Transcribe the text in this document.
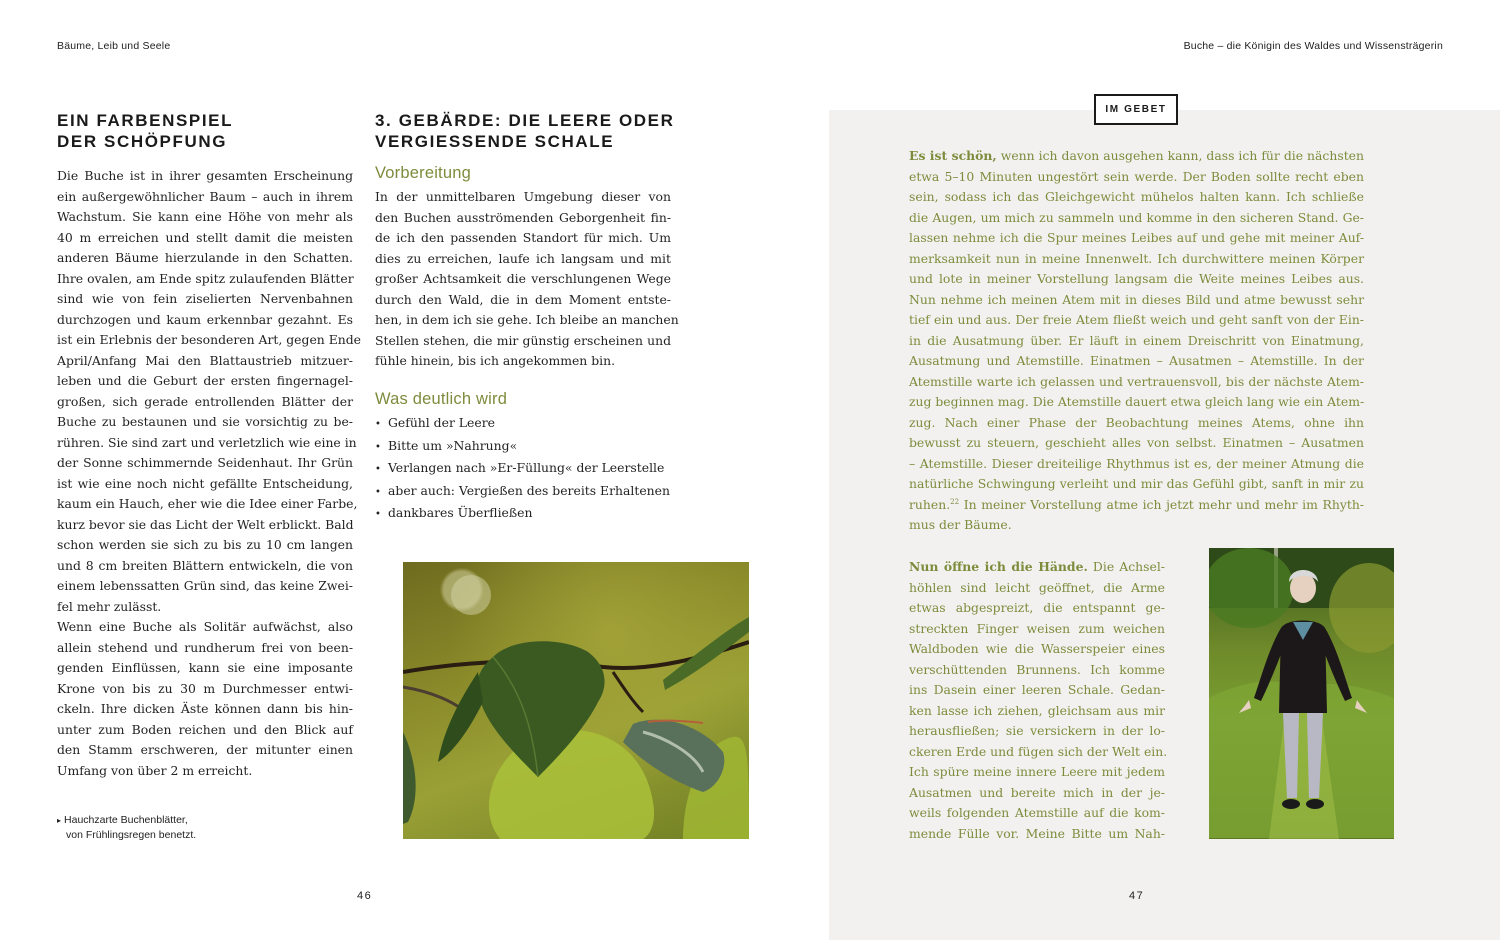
Bäume, Leib und Seele	Buche – die Königin des Waldes und Wissensträgerin
EIN FARBENSPIEL
DER SCHÖPFUNG
Die Buche ist in ihrer gesamten Erscheinung
ein außergewöhnlicher Baum – auch in ihrem
Wachstum. Sie kann eine Höhe von mehr als
40 m erreichen und stellt damit die meisten
anderen Bäume hierzulande in den Schatten.
Ihre ovalen, am Ende spitz zulaufenden Blätter
sind wie von fein ziselierten Nervenbahnen
durchzogen und kaum erkennbar gezahnt. Es
ist ein Erlebnis der besonderen Art, gegen Ende
April/Anfang Mai den Blattaustrieb mitzuer-
leben und die Geburt der ersten fingernagel-
großen, sich gerade entrollenden Blätter der
Buche zu bestaunen und sie vorsichtig zu be-
rühren. Sie sind zart und verletzlich wie eine in
der Sonne schimmernde Seidenhaut. Ihr Grün
ist wie eine noch nicht gefällte Entscheidung,
kaum ein Hauch, eher wie die Idee einer Farbe,
kurz bevor sie das Licht der Welt erblickt. Bald
schon werden sie sich zu bis zu 10 cm langen
und 8 cm breiten Blättern entwickeln, die von
einem lebenssatten Grün sind, das keine Zwei-
fel mehr zulässt.
Wenn eine Buche als Solitär aufwächst, also
allein stehend und rundherum frei von been-
genden Einflüssen, kann sie eine imposante
Krone von bis zu 30 m Durchmesser entwi-
ckeln. Ihre dicken Äste können dann bis hin-
unter zum Boden reichen und den Blick auf
den Stamm erschweren, der mitunter einen
Umfang von über 2 m erreicht.
▸ Hauchzarte Buchenblätter,
von Frühlingsregen benetzt.
3. GEBÄRDE: DIE LEERE ODER
VERGIESSENDE SCHALE
Vorbereitung
In der unmittelbaren Umgebung dieser von
den Buchen ausströmenden Geborgenheit fin-
de ich den passenden Standort für mich. Um
dies zu erreichen, laufe ich langsam und mit
großer Achtsamkeit die verschlungenen Wege
durch den Wald, die in dem Moment entste-
hen, in dem ich sie gehe. Ich bleibe an manchen
Stellen stehen, die mir günstig erscheinen und
fühle hinein, bis ich angekommen bin.
Was deutlich wird
• Gefühl der Leere
• Bitte um »Nahrung«
• Verlangen nach »Er-Füllung« der Leerstelle
• aber auch: Vergießen des bereits Erhaltenen
• dankbares Überfließen
IM GEBET
Es ist schön, wenn ich davon ausgehen kann, dass ich für die nächsten
etwa 5–10 Minuten ungestört sein werde. Der Boden sollte recht eben
sein, sodass ich das Gleichgewicht mühelos halten kann. Ich schließe
die Augen, um mich zu sammeln und komme in den sicheren Stand. Ge-
lassen nehme ich die Spur meines Leibes auf und gehe mit meiner Auf-
merksamkeit nun in meine Innenwelt. Ich durchwittere meinen Körper
und lote in meiner Vorstellung langsam die Weite meines Leibes aus.
Nun nehme ich meinen Atem mit in dieses Bild und atme bewusst sehr
tief ein und aus. Der freie Atem fließt weich und geht sanft von der Ein-
in die Ausatmung über. Er läuft in einem Dreischritt von Einatmung,
Ausatmung und Atemstille. Einatmen – Ausatmen – Atemstille. In der
Atemstille warte ich gelassen und vertrauensvoll, bis der nächste Atem-
zug beginnen mag. Die Atemstille dauert etwa gleich lang wie ein Atem-
zug. Nach einer Phase der Beobachtung meines Atems, ohne ihn
bewusst zu steuern, geschieht alles von selbst. Einatmen – Ausatmen
– Atemstille. Dieser dreiteilige Rhythmus ist es, der meiner Atmung die
natürliche Schwingung verleiht und mir das Gefühl gibt, sanft in mir zu
ruhen.$^{22}$ In meiner Vorstellung atme ich jetzt mehr und mehr im Rhyth-
mus der Bäume.
Nun öffne ich die Hände. Die Achsel-
höhlen sind leicht geöffnet, die Arme
etwas abgespreizt, die entspannt ge-
streckten Finger weisen zum weichen
Waldboden wie die Wasserspeier eines
verschüttenden Brunnens. Ich komme
ins Dasein einer leeren Schale. Gedan-
ken lasse ich ziehen, gleichsam aus mir
herausfließen; sie versickern in der lo-
ckeren Erde und fügen sich der Welt ein.
Ich spüre meine innere Leere mit jedem
Ausatmen und bereite mich in der je-
weils folgenden Atemstille auf die kom-
mende Fülle vor. Meine Bitte um Nah-
46	47
